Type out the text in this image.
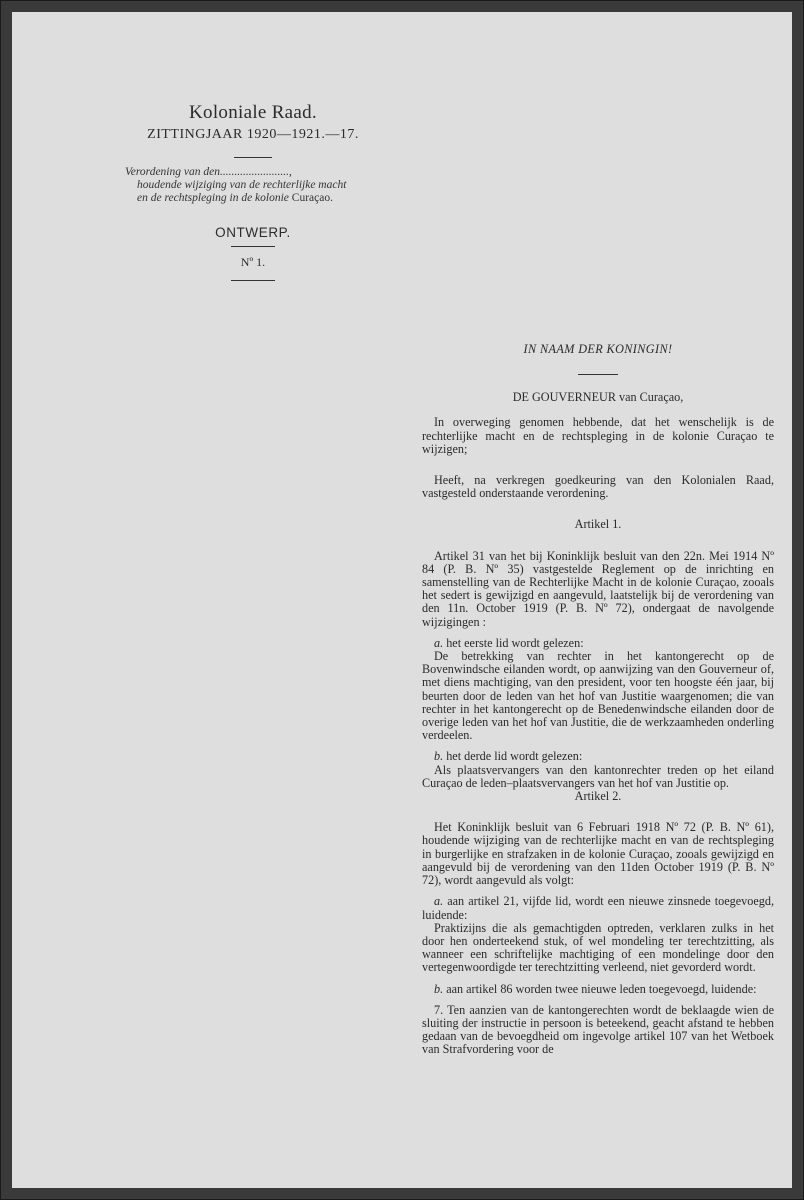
Koloniale Raad.
ZITTINGJAAR 1920—1921.—17.
Verordening van den........................,
houdende wijziging van de rechterlijke macht
en de rechtspleging in de kolonie Curaçao.
ONTWERP.
Nº 1.
IN NAAM DER KONINGIN!
DE GOUVERNEUR van Curaçao,

In overweging genomen hebbende, dat het wenschelijk is de rechterlijke macht en de rechtspleging in de kolonie Curaçao te wijzigen;

Heeft, na verkregen goedkeuring van den Kolonialen Raad, vastgesteld onderstaande verordening.

Artikel 1.

Artikel 31 van het bij Koninklijk besluit van den 22n. Mei 1914 Nº 84 (P. B. Nº 35) vastgestelde Reglement op de inrichting en samenstelling van de Rechterlijke Macht in de kolonie Curaçao, zooals het sedert is gewijzigd en aangevuld, laatstelijk bij de verordening van den 11n. October 1919 (P. B. Nº 72), ondergaat de navolgende wijzigingen :

a. het eerste lid wordt gelezen:

De betrekking van rechter in het kantongerecht op de Bovenwindsche eilanden wordt, op aanwijzing van den Gouverneur of, met diens machtiging, van den president, voor ten hoogste één jaar, bij beurten door de leden van het hof van Justitie waargenomen; die van rechter in het kantongerecht op de Benedenwindsche eilanden door de overige leden van het hof van Justitie, die de werkzaamheden onderling verdeelen.

b. het derde lid wordt gelezen:

Als plaatsvervangers van den kantonrechter treden op het eiland Curaçao de leden–plaatsvervangers van het hof van Justitie op.

Artikel 2.

Het Koninklijk besluit van 6 Februari 1918 Nº 72 (P. B. Nº 61), houdende wijziging van de rechterlijke macht en van de rechtspleging in burgerlijke en strafzaken in de kolonie Curaçao, zooals gewijzigd en aangevuld bij de verordening van den 11den October 1919 (P. B. Nº 72), wordt aangevuld als volgt:

a. aan artikel 21, vijfde lid, wordt een nieuwe zinsnede toegevoegd, luidende:

Praktizijns die als gemachtigden optreden, verklaren zulks in het door hen onderteekend stuk, of wel mondeling ter terechtzitting, als wanneer een schriftelijke machtiging of een mondelinge door den vertegenwoordigde ter terechtzitting verleend, niet gevorderd wordt.

b. aan artikel 86 worden twee nieuwe leden toegevoegd, luidende:

7. Ten aanzien van de kantongerechten wordt de beklaagde wien de sluiting der instructie in persoon is beteekend, geacht afstand te hebben gedaan van de bevoegdheid om ingevolge artikel 107 van het Wetboek van Strafvordering voor de
